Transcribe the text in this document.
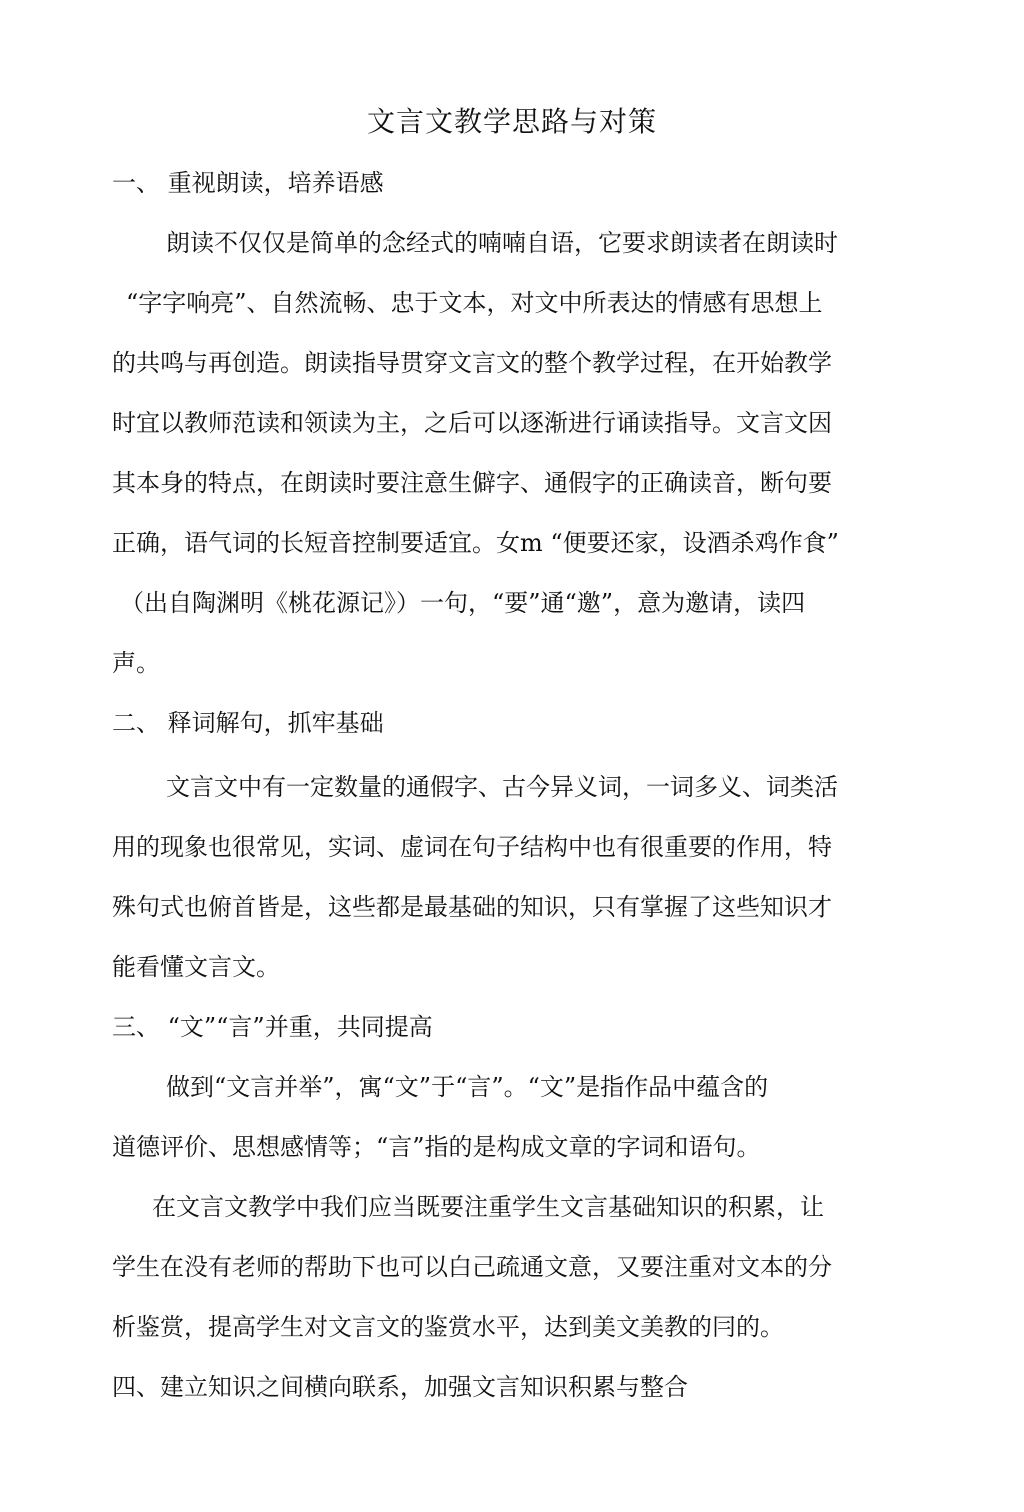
文言文教学思路与对策
一、 重视朗读，培养语感
朗读不仅仅是简单的念经式的喃喃自语，它要求朗读者在朗读时
“字字响亮”、自然流畅、忠于文本，对文中所表达的情感有思想上
的共鸣与再创造。朗读指导贯穿文言文的整个教学过程，在开始教学
时宜以教师范读和领读为主，之后可以逐渐进行诵读指导。文言文因
其本身的特点，在朗读时要注意生僻字、通假字的正确读音，断句要
正确，语气词的长短音控制要适宜。女m “便要还家，设酒杀鸡作食”
（出自陶渊明《桃花源记》）一句，“要”通“邀”，意为邀请，读四
声。
二、 释词解句，抓牢基础
文言文中有一定数量的通假字、古今异义词，一词多义、词类活
用的现象也很常见，实词、虚词在句子结构中也有很重要的作用，特
殊句式也俯首皆是，这些都是最基础的知识，只有掌握了这些知识才
能看懂文言文。
三、 “文”“言”并重，共同提高
做到“文言并举”，寓“文”于“言”。“文”是指作品中蕴含的
道德评价、思想感情等；“言”指的是构成文章的字词和语句。
在文言文教学中我们应当既要注重学生文言基础知识的积累，让
学生在没有老师的帮助下也可以白己疏通文意，又要注重对文本的分
析鉴赏，提高学生对文言文的鉴赏水平，达到美文美教的冃的。
四、建立知识之间横向联系，加强文言知识积累与整合
